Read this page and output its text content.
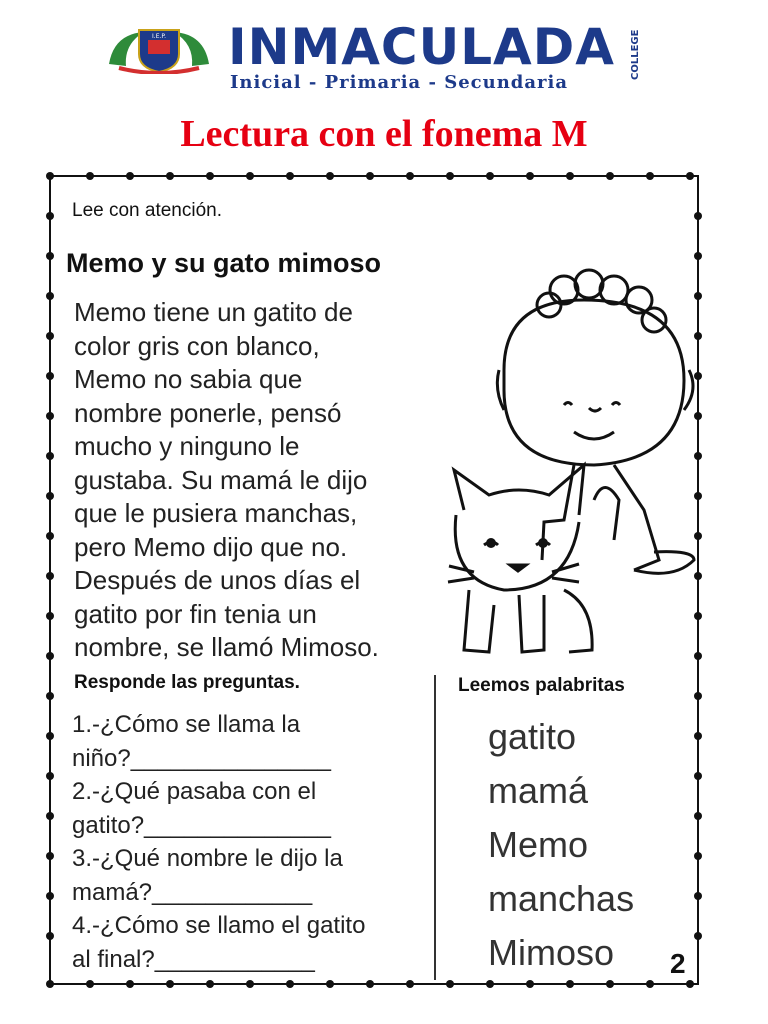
I.E.P. INMACULADA COLLEGE
Inicial - Primaria - Secundaria
Lectura con el fonema M
Lee con atención.
Memo y su gato mimoso
Memo tiene un gatito de
color gris con blanco,
Memo no sabia que
nombre ponerle, pensó
mucho y ninguno le
gustaba. Su mamá le dijo
que le pusiera manchas,
pero Memo dijo que no.
Después de unos días el
gatito por fin tenia un
nombre, se llamó Mimoso.
Responde las preguntas.
1.-¿Cómo se llama la
niño?_______________
2.-¿Qué pasaba con el
gatito?______________
3.-¿Qué nombre le dijo la
mamá?____________
4.-¿Cómo se llamo el gatito
al final?____________
Leemos palabritas
gatito
mamá
Memo
manchas
Mimoso	2
